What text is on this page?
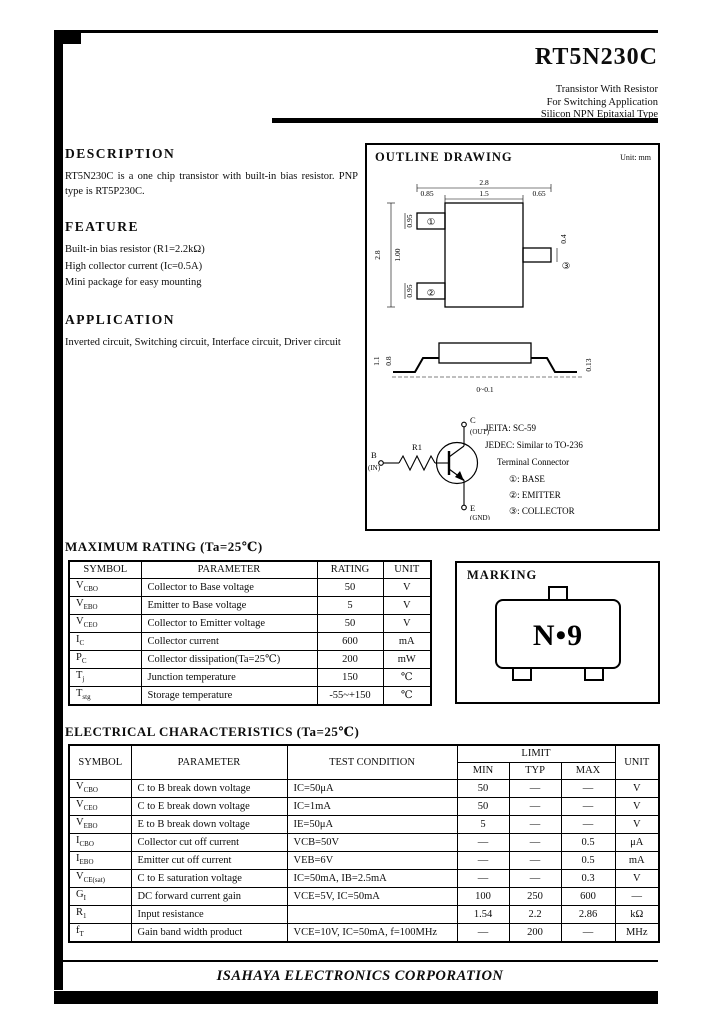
RT5N230C
Transistor With Resistor
For Switching Application
Silicon NPN Epitaxial Type
DESCRIPTION
RT5N230C is a one chip transistor with built-in bias resistor. PNP type is RT5P230C.
FEATURE
Built-in bias resistor (R1=2.2kΩ)
High collector current (Ic=0.5A)
Mini package for easy mounting
APPLICATION
Inverted circuit, Switching circuit, Interface circuit, Driver circuit
OUTLINE DRAWING	Unit: mm
2.8
1.5
0.85	0.65
2.8 1.00
0.95
0.95
0.4
①
②
③
1.1 0.8	0.13
0~0.1
R1
B
(IN)
C
(OUT)
E
(GND)
JEITA: SC-59
JEDEC: Similar to TO-236
Terminal Connector
①: BASE
②: EMITTER
③: COLLECTOR
MAXIMUM RATING (Ta=25℃)
SYMBOL	PARAMETER	RATING	UNIT
$V_{CBO}$	Collector to Base voltage	50	V
$V_{EBO}$	Emitter to Base voltage	5	V
$V_{CEO}$	Collector to Emitter voltage	50	V
$I_C$	Collector current	600	mA
$P_C$	Collector dissipation(Ta=25℃)	200	mW
$T_j$	Junction temperature	150	℃
$T_{stg}$	Storage temperature	-55~+150	℃
MARKING
N•9
ELECTRICAL CHARACTERISTICS (Ta=25℃)
SYMBOL	PARAMETER	TEST CONDITION	LIMIT			UNIT
			MIN	TYP	MAX	
$V_{CBO}$	C to B break down voltage	IC=50μA	50	—	—	V
$V_{CEO}$	C to E break down voltage	IC=1mA	50	—	—	V
$V_{EBO}$	E to B break down voltage	IE=50μA	5	—	—	V
$I_{CBO}$	Collector cut off current	VCB=50V	—	—	0.5	μA
$I_{EBO}$	Emitter cut off current	VEB=6V	—	—	0.5	mA
$V_{CE(sat)}$	C to E saturation voltage	IC=50mA, IB=2.5mA	—	—	0.3	V
$G_I$	DC forward current gain	VCE=5V, IC=50mA	100	250	600	—
$R_1$	Input resistance		1.54	2.2	2.86	kΩ
$f_T$	Gain band width product	VCE=10V, IC=50mA, f=100MHz	—	200	—	MHz
ISAHAYA ELECTRONICS CORPORATION
